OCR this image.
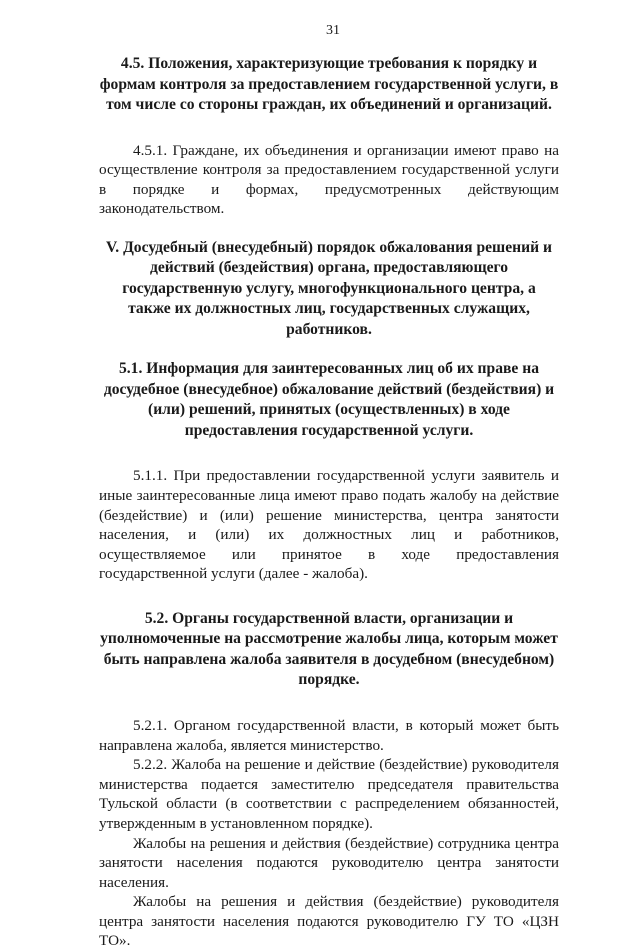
31

4.5. Положения, характеризующие требования к порядку и формам контроля за предоставлением государственной услуги, в том числе со стороны граждан, их объединений и организаций.

4.5.1. Граждане, их объединения и организации имеют право на осуществление контроля за предоставлением государственной услуги в порядке и формах, предусмотренных действующим законодательством.

V. Досудебный (внесудебный) порядок обжалования решений и действий (бездействия) органа, предоставляющего государственную услугу, многофункционального центра, а также их должностных лиц, государственных служащих, работников.

5.1. Информация для заинтересованных лиц об их праве на досудебное (внесудебное) обжалование действий (бездействия) и (или) решений, принятых (осуществленных) в ходе предоставления государственной услуги.

5.1.1. При предоставлении государственной услуги заявитель и иные заинтересованные лица имеют право подать жалобу на действие (бездействие) и (или) решение министерства, центра занятости населения, и (или) их должностных лиц и работников, осуществляемое или принятое в ходе предоставления государственной услуги (далее - жалоба).

5.2. Органы государственной власти, организации и уполномоченные на рассмотрение жалобы лица, которым может быть направлена жалоба заявителя в досудебном (внесудебном) порядке.

5.2.1. Органом государственной власти, в который может быть направлена жалоба, является министерство.

5.2.2. Жалоба на решение и действие (бездействие) руководителя министерства подается заместителю председателя правительства Тульской области (в соответствии с распределением обязанностей, утвержденным в установленном порядке).

Жалобы на решения и действия (бездействие) сотрудника центра занятости населения подаются руководителю центра занятости населения.

Жалобы на решения и действия (бездействие) руководителя центра занятости населения подаются руководителю ГУ ТО «ЦЗН ТО».
